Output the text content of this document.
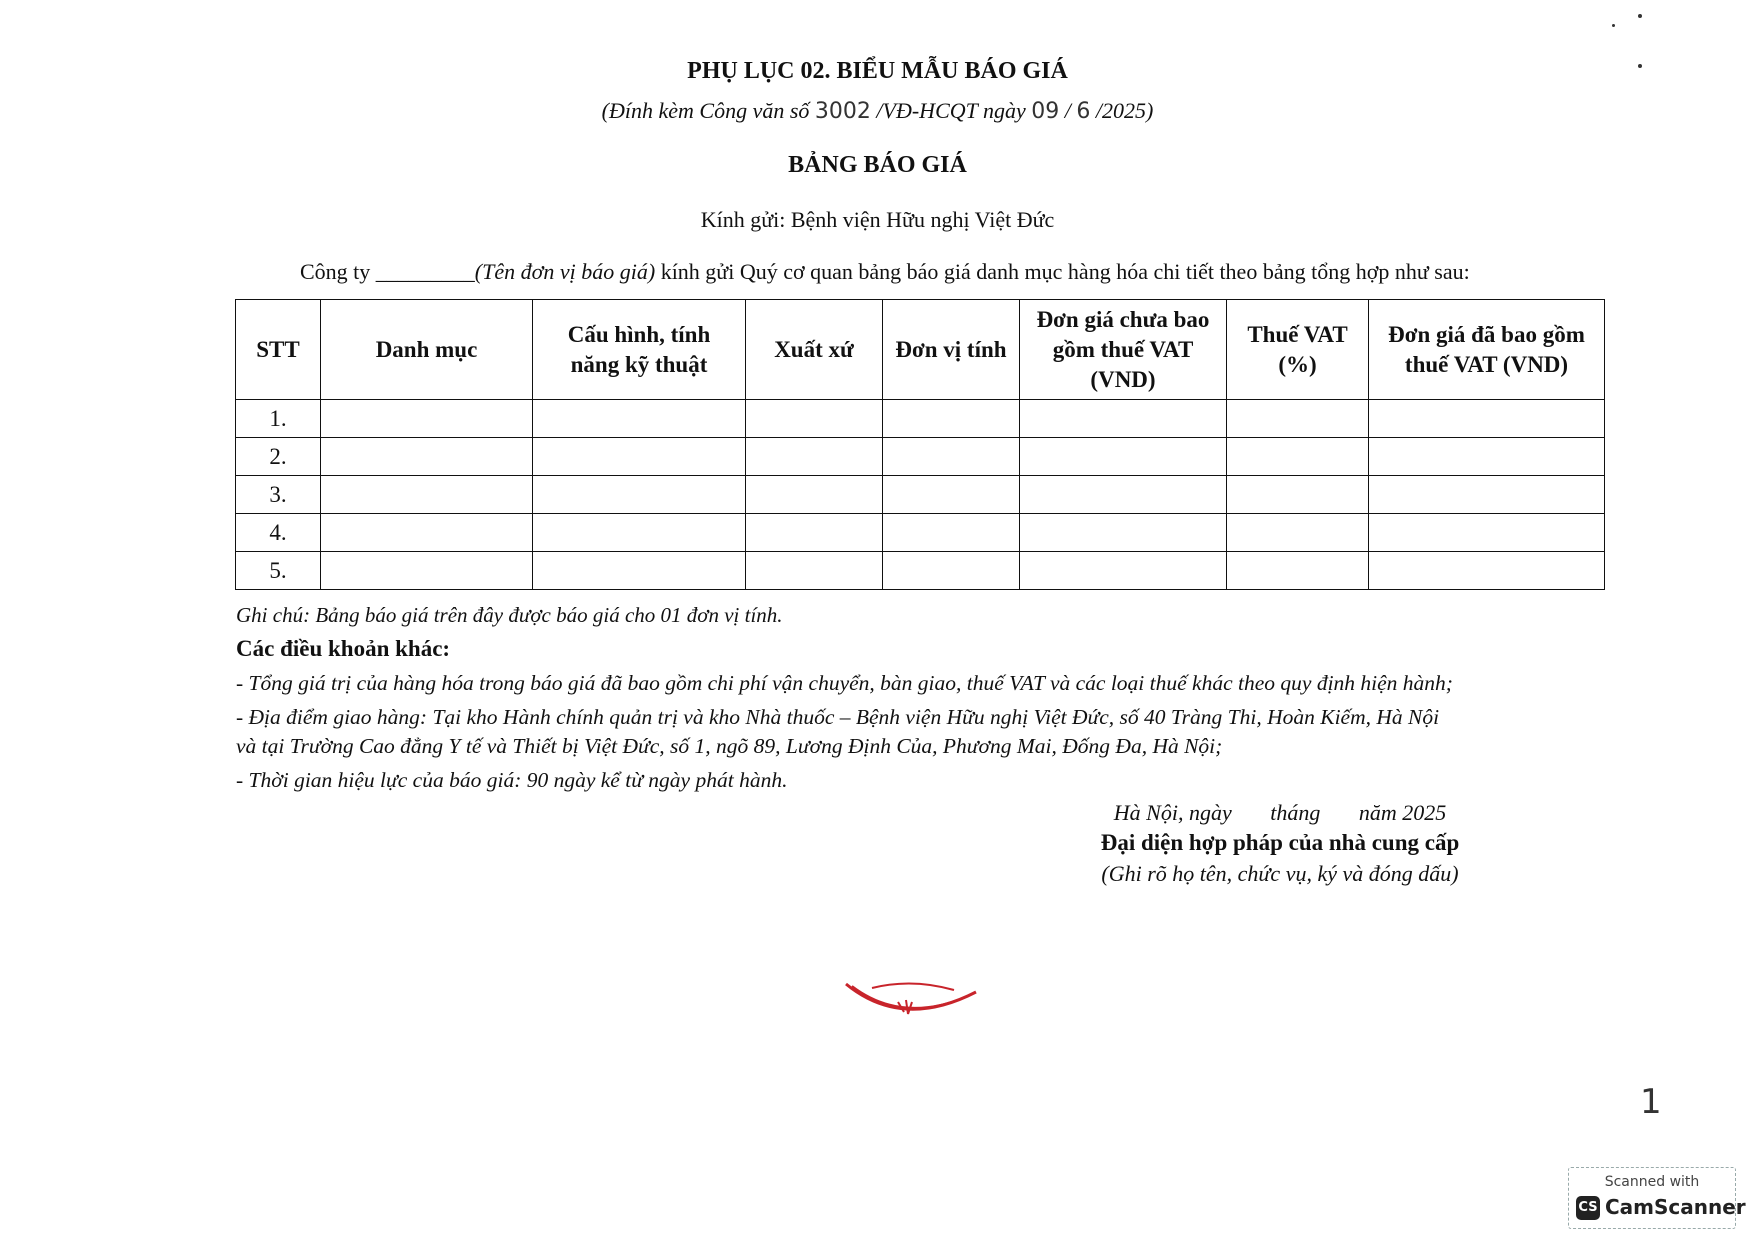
PHỤ LỤC 02. BIỂU MẪU BÁO GIÁ
(Đính kèm Công văn số 3002 /VĐ-HCQT ngày 09 / 6 /2025)
BẢNG BÁO GIÁ
Kính gửi: Bệnh viện Hữu nghị Việt Đức
Công ty _________(Tên đơn vị báo giá) kính gửi Quý cơ quan bảng báo giá danh mục hàng hóa chi tiết theo bảng tổng hợp như sau:
STT	Danh mục	Cấu hình, tính năng kỹ thuật	Xuất xứ	Đơn vị tính	Đơn giá chưa bao gồm thuế VAT (VND)	Thuế VAT (%)	Đơn giá đã bao gồm thuế VAT (VND)
1.							
2.							
3.							
4.							
5.							
Ghi chú: Bảng báo giá trên đây được báo giá cho 01 đơn vị tính.
Các điều khoản khác:
- Tổng giá trị của hàng hóa trong báo giá đã bao gồm chi phí vận chuyển, bàn giao, thuế VAT và các loại thuế khác theo quy định hiện hành;
- Địa điểm giao hàng: Tại kho Hành chính quản trị và kho Nhà thuốc – Bệnh viện Hữu nghị Việt Đức, số 40 Tràng Thi, Hoàn Kiếm, Hà Nội
và tại Trường Cao đẳng Y tế và Thiết bị Việt Đức, số 1, ngõ 89, Lương Định Của, Phương Mai, Đống Đa, Hà Nội;
- Thời gian hiệu lực của báo giá: 90 ngày kể từ ngày phát hành.
Hà Nội, ngày       tháng       năm 2025
Đại diện hợp pháp của nhà cung cấp
(Ghi rõ họ tên, chức vụ, ký và đóng dấu)
1
Scanned with
CS CamScanner
